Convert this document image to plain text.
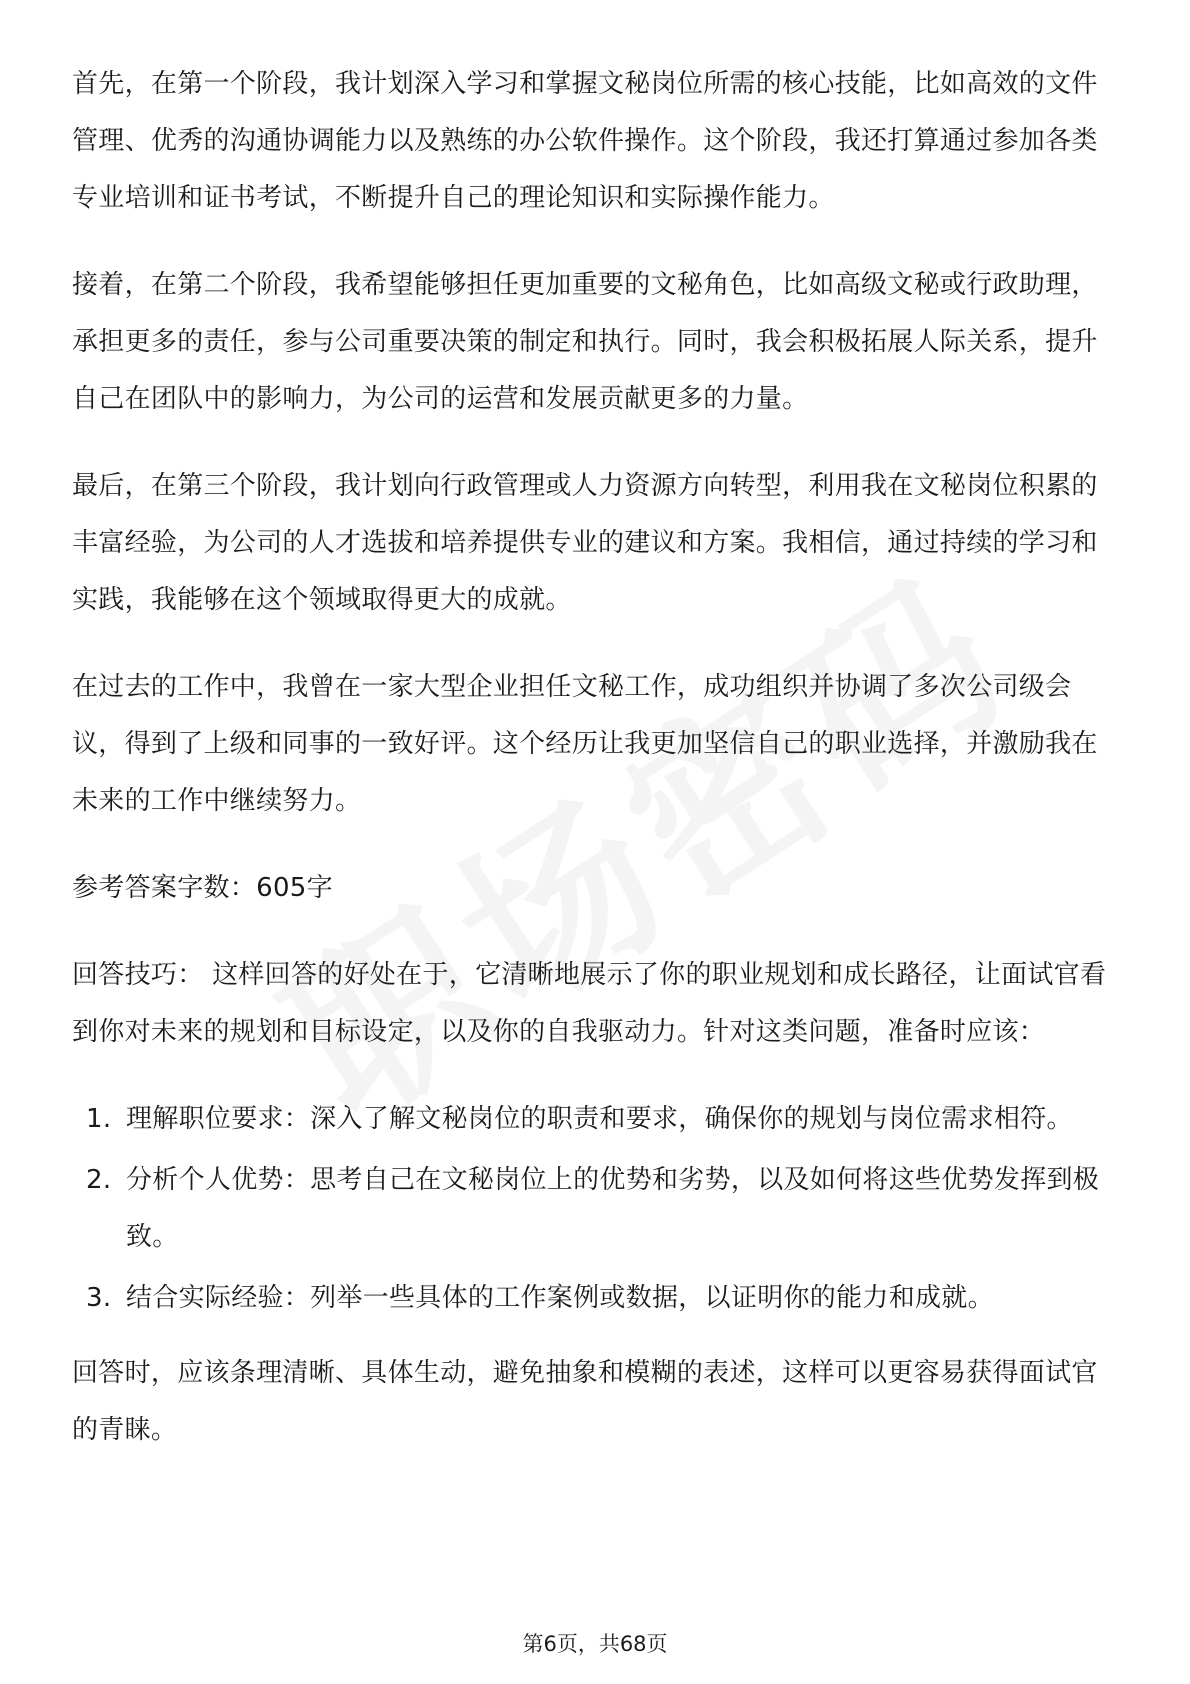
首先，在第一个阶段，我计划深入学习和掌握文秘岗位所需的核心技能，比如高效的文件管理、优秀的沟通协调能力以及熟练的办公软件操作。这个阶段，我还打算通过参加各类专业培训和证书考试，不断提升自己的理论知识和实际操作能力。

接着，在第二个阶段，我希望能够担任更加重要的文秘角色，比如高级文秘或行政助理，承担更多的责任，参与公司重要决策的制定和执行。同时，我会积极拓展人际关系，提升自己在团队中的影响力，为公司的运营和发展贡献更多的力量。

最后，在第三个阶段，我计划向行政管理或人力资源方向转型，利用我在文秘岗位积累的丰富经验，为公司的人才选拔和培养提供专业的建议和方案。我相信，通过持续的学习和实践，我能够在这个领域取得更大的成就。

在过去的工作中，我曾在一家大型企业担任文秘工作，成功组织并协调了多次公司级会议，得到了上级和同事的一致好评。这个经历让我更加坚信自己的职业选择，并激励我在未来的工作中继续努力。

参考答案字数：605字

回答技巧： 这样回答的好处在于，它清晰地展示了你的职业规划和成长路径，让面试官看到你对未来的规划和目标设定，以及你的自我驱动力。针对这类问题，准备时应该：

1. 理解职位要求：深入了解文秘岗位的职责和要求，确保你的规划与岗位需求相符。
2. 分析个人优势：思考自己在文秘岗位上的优势和劣势，以及如何将这些优势发挥到极致。
3. 结合实际经验：列举一些具体的工作案例或数据，以证明你的能力和成就。

回答时，应该条理清晰、具体生动，避免抽象和模糊的表述，这样可以更容易获得面试官的青睐。

第6页，共68页
